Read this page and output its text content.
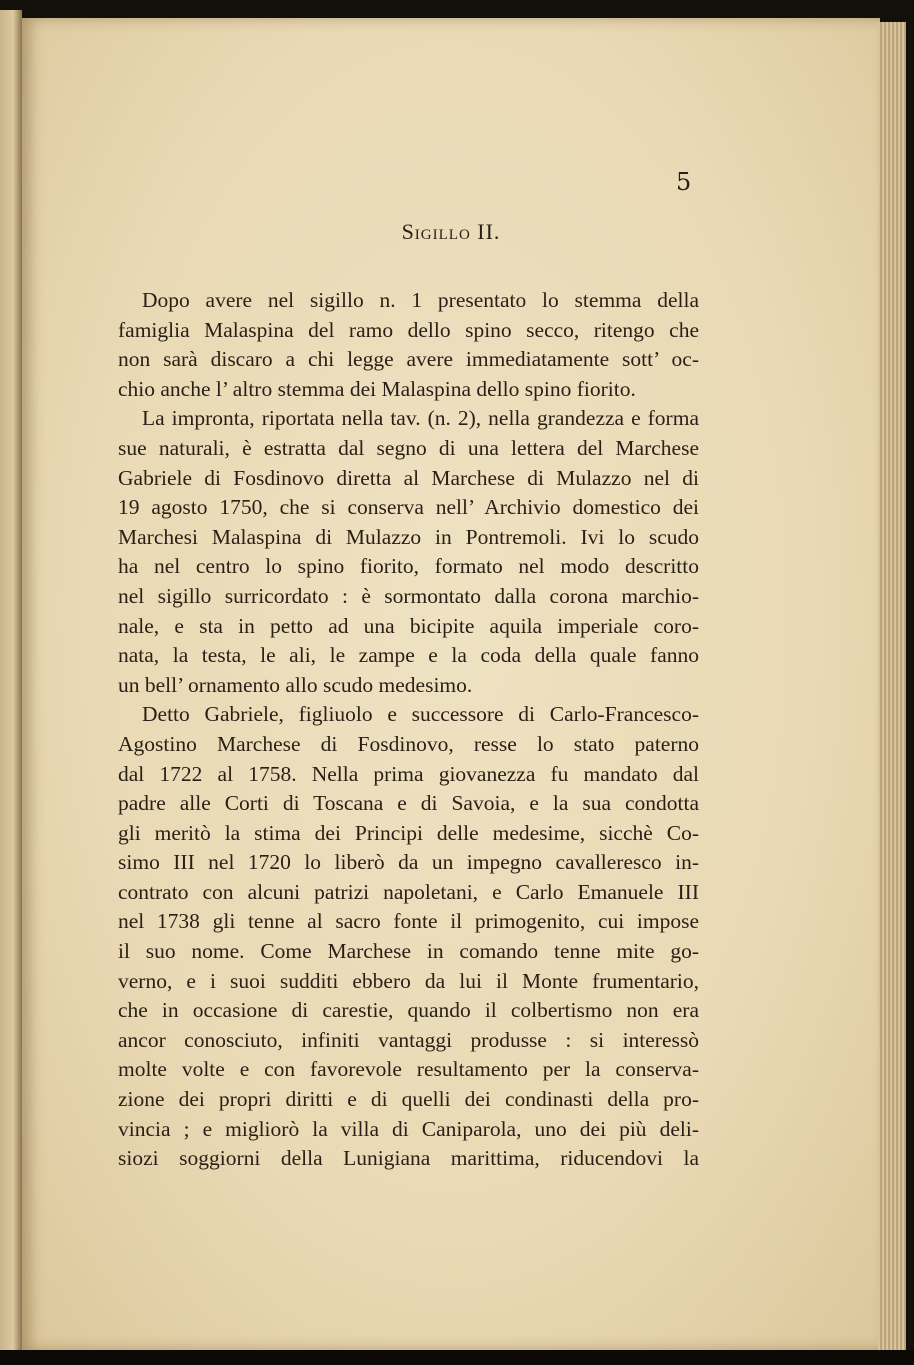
5
Sigillo II.
Dopo avere nel sigillo n. 1 presentato lo stemma della
famiglia Malaspina del ramo dello spino secco, ritengo che
non sarà discaro a chi legge avere immediatamente sott’ oc-
chio anche l’ altro stemma dei Malaspina dello spino fiorito.
La impronta, riportata nella tav. (n. 2), nella grandezza e forma
sue naturali, è estratta dal segno di una lettera del Marchese
Gabriele di Fosdinovo diretta al Marchese di Mulazzo nel di
19 agosto 1750, che si conserva nell’ Archivio domestico dei
Marchesi Malaspina di Mulazzo in Pontremoli. Ivi lo scudo
ha nel centro lo spino fiorito, formato nel modo descritto
nel sigillo surricordato : è sormontato dalla corona marchio-
nale, e sta in petto ad una bicipite aquila imperiale coro-
nata, la testa, le ali, le zampe e la coda della quale fanno
un bell’ ornamento allo scudo medesimo.
Detto Gabriele, figliuolo e successore di Carlo-Francesco-
Agostino Marchese di Fosdinovo, resse lo stato paterno
dal 1722 al 1758. Nella prima giovanezza fu mandato dal
padre alle Corti di Toscana e di Savoia, e la sua condotta
gli meritò la stima dei Principi delle medesime, sicchè Co-
simo III nel 1720 lo liberò da un impegno cavalleresco in-
contrato con alcuni patrizi napoletani, e Carlo Emanuele III
nel 1738 gli tenne al sacro fonte il primogenito, cui impose
il suo nome. Come Marchese in comando tenne mite go-
verno, e i suoi sudditi ebbero da lui il Monte frumentario,
che in occasione di carestie, quando il colbertismo non era
ancor conosciuto, infiniti vantaggi produsse : si interessò
molte volte e con favorevole resultamento per la conserva-
zione dei propri diritti e di quelli dei condinasti della pro-
vincia ; e migliorò la villa di Caniparola, uno dei più deli-
siozi soggiorni della Lunigiana marittima, riducendovi la
